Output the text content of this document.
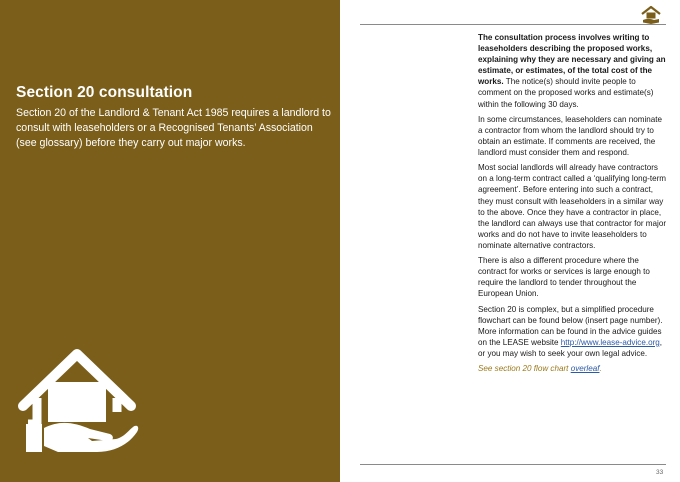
Section 20 consultation

Section 20 of the Landlord & Tenant Act 1985 requires a landlord to consult with leaseholders or a Recognised Tenants’ Association (see glossary) before they carry out major works.

The consultation process involves writing to leaseholders describing the proposed works, explaining why they are necessary and giving an estimate, or estimates, of the total cost of the works. The notice(s) should invite people to comment on the proposed works and estimate(s) within the following 30 days.

In some circumstances, leaseholders can nominate a contractor from whom the landlord should try to obtain an estimate. If comments are received, the landlord must consider them and respond.

Most social landlords will already have contractors on a long-term contract called a ‘qualifying long-term agreement’. Before entering into such a contract, they must consult with leaseholders in a similar way to the above. Once they have a contractor in place, the landlord can always use that contractor for major works and do not have to invite leaseholders to nominate alternative contractors.

There is also a different procedure where the contract for works or services is large enough to require the landlord to tender throughout the European Union.

Section 20 is complex, but a simplified procedure flowchart can be found below (insert page number). More information can be found in the advice guides on the LEASE website http://www.lease-advice.org, or you may wish to seek your own legal advice.

See section 20 flow chart overleaf.

33
